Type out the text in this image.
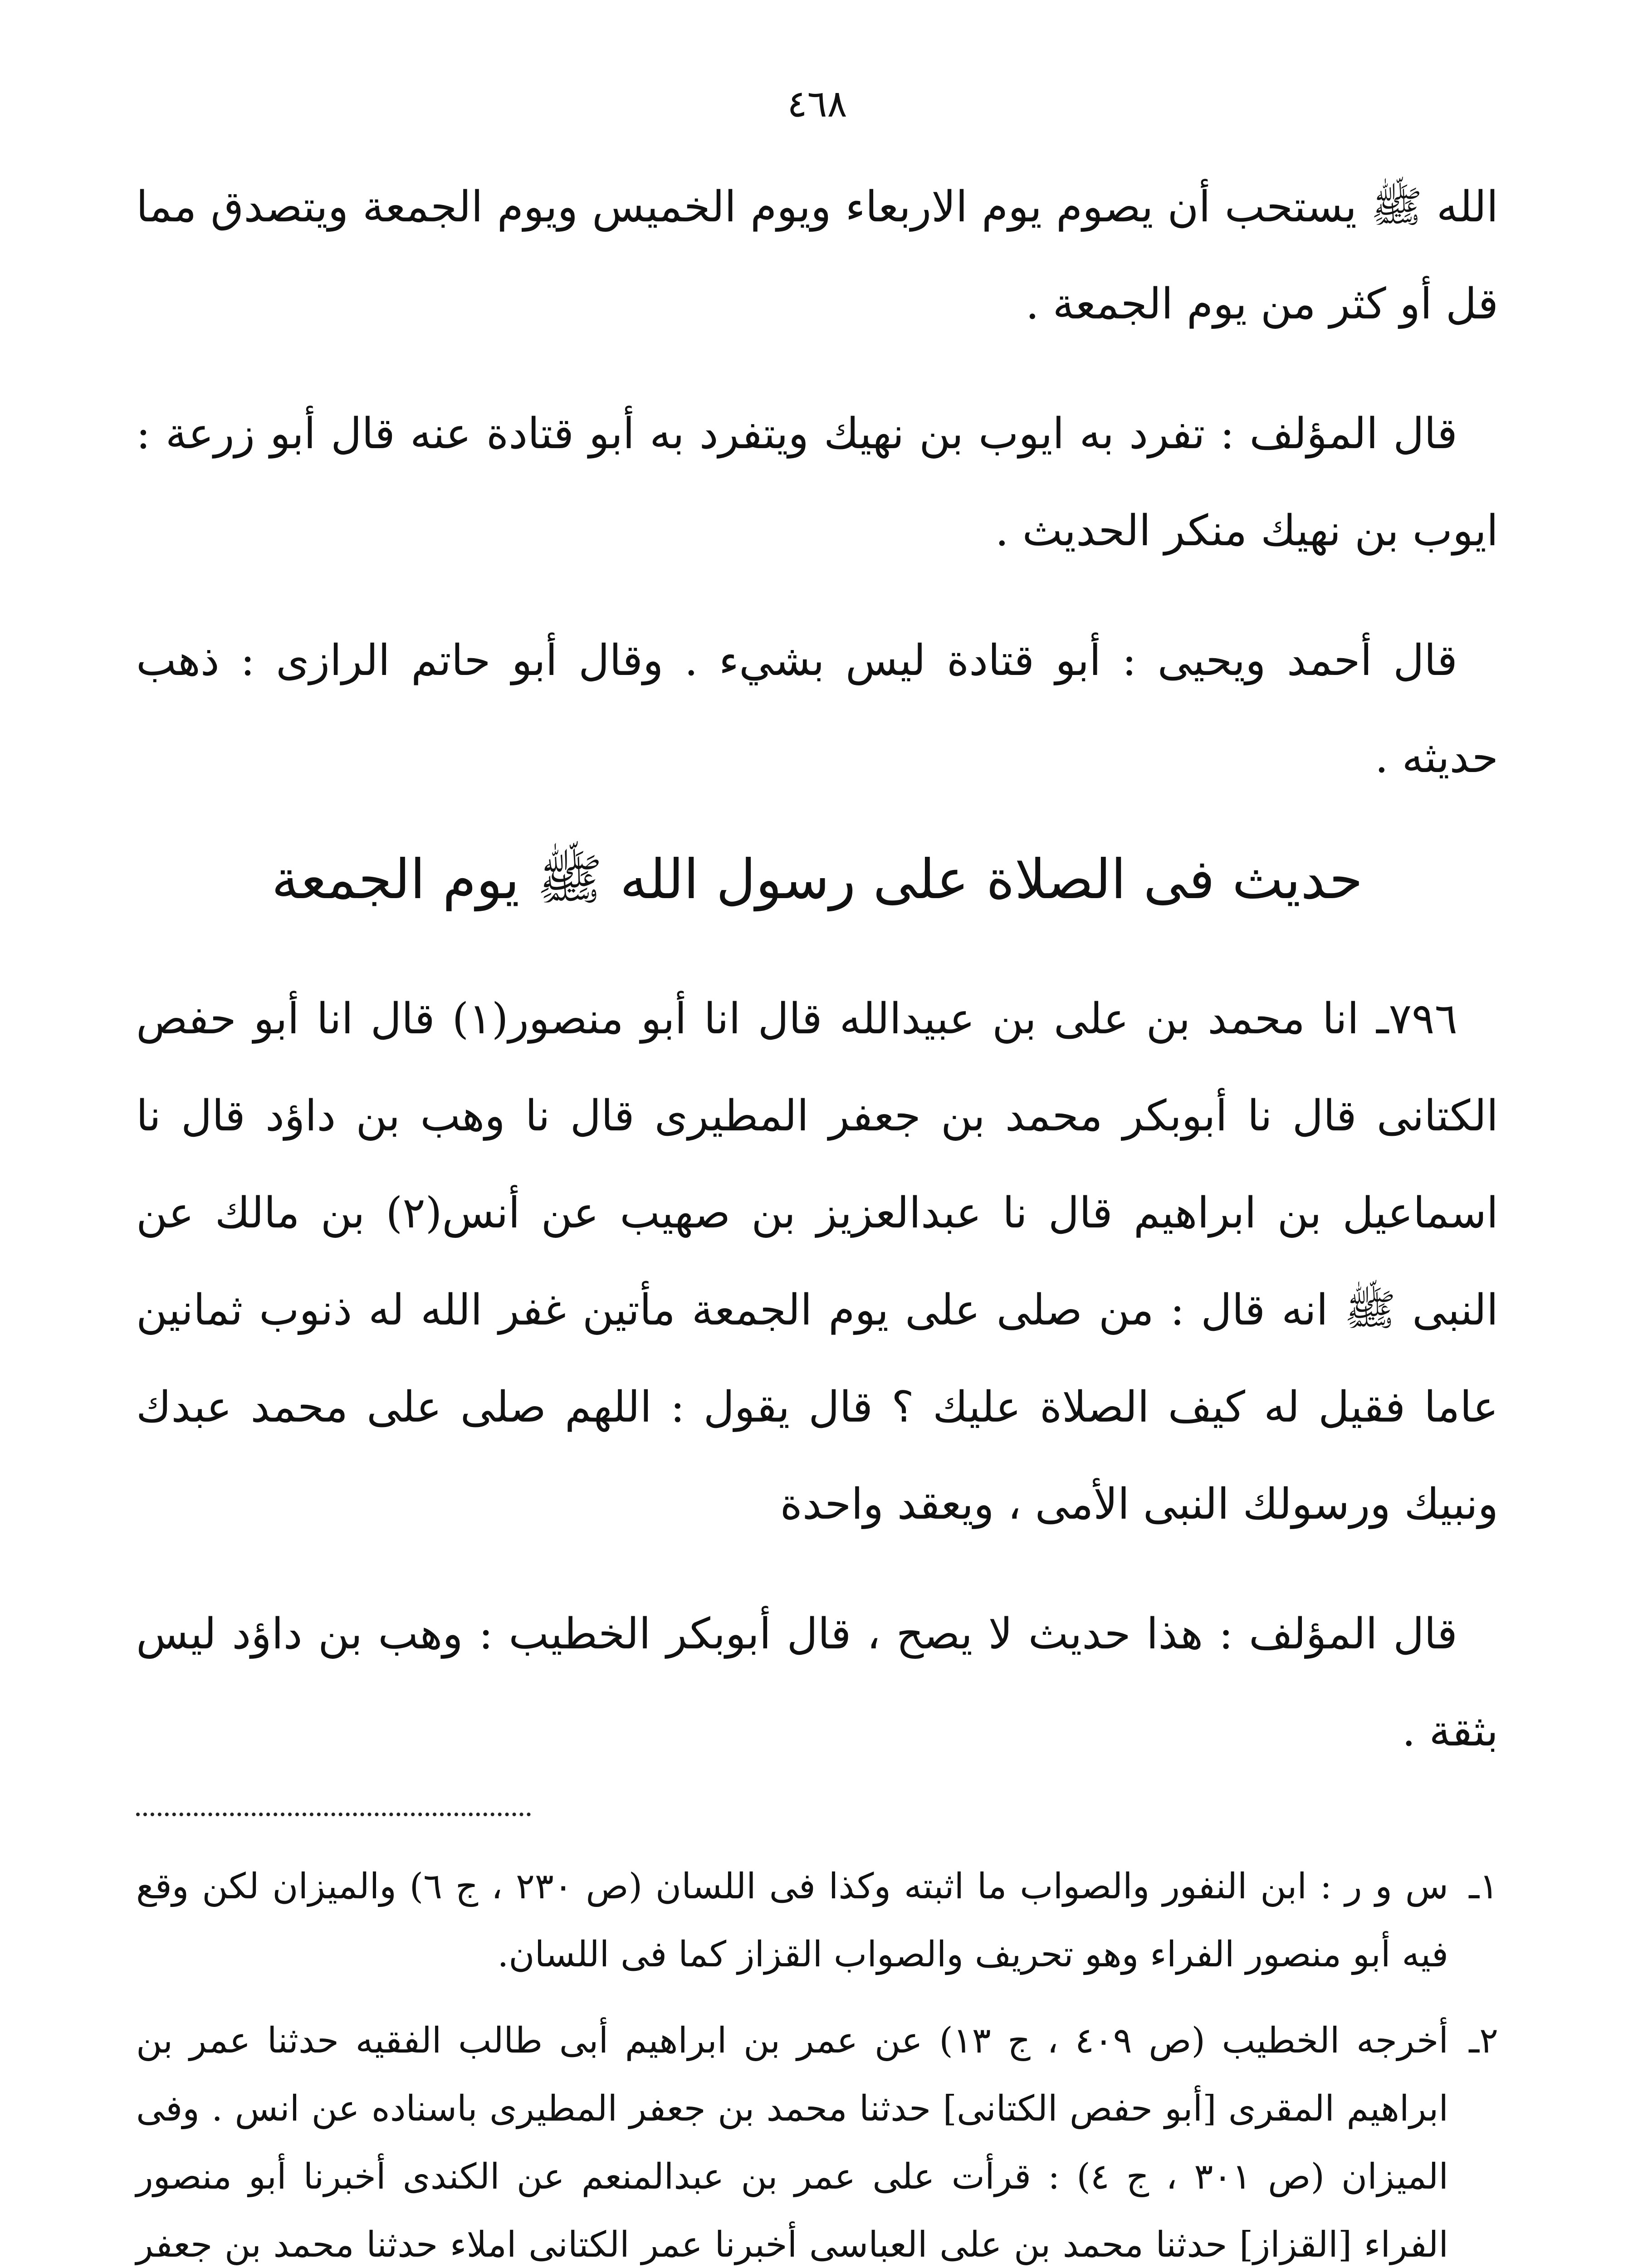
٤٦٨

الله ﷺ يستحب أن يصوم يوم الاربعاء ويوم الخميس ويوم الجمعة ويتصدق مما قل أو كثر من يوم الجمعة .

قال المؤلف : تفرد به ايوب بن نهيك ويتفرد به أبو قتادة عنه قال أبو زرعة : ايوب بن نهيك منكر الحديث .

قال أحمد ويحيى : أبو قتادة ليس بشيء . وقال أبو حاتم الرازى : ذهب حديثه .

حديث فى الصلاة على رسول الله ﷺ يوم الجمعة

٧٩٦ـ انا محمد بن على بن عبيدالله قال انا أبو منصور(١) قال انا أبو حفص الكتانى قال نا أبوبكر محمد بن جعفر المطيرى قال نا وهب بن داؤد قال نا اسماعيل بن ابراهيم قال نا عبدالعزيز بن صهيب عن أنس(٢) بن مالك عن النبى ﷺ انه قال : من صلى على يوم الجمعة مأتين غفر الله له ذنوب ثمانين عاما فقيل له كيف الصلاة عليك ؟ قال يقول : اللهم صلى على محمد عبدك ونبيك ورسولك النبى الأمى ، ويعقد واحدة

قال المؤلف : هذا حديث لا يصح ، قال أبوبكر الخطيب : وهب بن داؤد ليس بثقة .

١ـ
س و ر : ابن النفور والصواب ما اثبته وكذا فى اللسان (ص ٢٣٠ ، ج ٦) والميزان لكن وقع فيه أبو منصور الفراء وهو تحريف والصواب القزاز كما فى اللسان.
٢ـ
أخرجه الخطيب (ص ٤٠٩ ، ج ١٣) عن عمر بن ابراهيم أبى طالب الفقيه حدثنا عمر بن ابراهيم المقرى [أبو حفص الكتانى] حدثنا محمد بن جعفر المطيرى باسناده عن انس . وفى الميزان (ص ٣٠١ ، ج ٤) : قرأت على عمر بن عبدالمنعم عن الكندى أخبرنا أبو منصور الفراء [القزاز] حدثنا محمد بن على العباسى أخبرنا عمر الكتانى املاء حدثنا محمد بن جعفر
